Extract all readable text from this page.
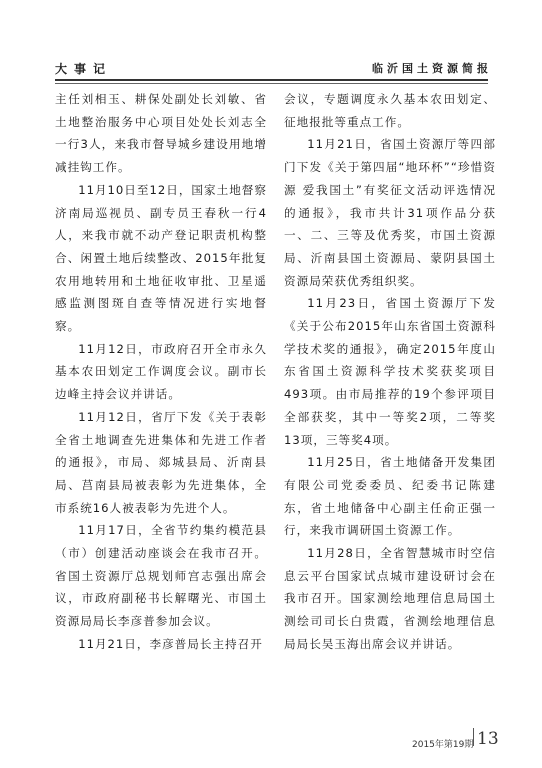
大事记	临沂国土资源简报

主任刘相玉、耕保处副处长刘敏、省土地整治服务中心项目处处长刘志全一行3人，来我市督导城乡建设用地增减挂钩工作。

11月10日至12日，国家土地督察济南局巡视员、副专员王春秋一行4人，来我市就不动产登记职责机构整合、闲置土地后续整改、2015年批复农用地转用和土地征收审批、卫星遥感监测图斑自查等情况进行实地督察。

11月12日，市政府召开全市永久基本农田划定工作调度会议。副市长边峰主持会议并讲话。

11月12日，省厅下发《关于表彰全省土地调查先进集体和先进工作者的通报》，市局、郯城县局、沂南县局、莒南县局被表彰为先进集体，全市系统16人被表彰为先进个人。

11月17日，全省节约集约模范县（市）创建活动座谈会在我市召开。省国土资源厅总规划师宫志强出席会议，市政府副秘书长解曙光、市国土资源局局长李彦普参加会议。

11月21日，李彦普局长主持召开

会议，专题调度永久基本农田划定、征地报批等重点工作。

11月21日，省国土资源厅等四部门下发《关于第四届“地环杯”“珍惜资源 爱我国土”有奖征文活动评选情况的通报》，我市共计31项作品分获一、二、三等及优秀奖，市国土资源局、沂南县国土资源局、蒙阴县国土资源局荣获优秀组织奖。

11月23日，省国土资源厅下发《关于公布2015年山东省国土资源科学技术奖的通报》，确定2015年度山东省国土资源科学技术奖获奖项目493项。由市局推荐的19个参评项目全部获奖，其中一等奖2项，二等奖13项，三等奖4项。

11月25日，省土地储备开发集团有限公司党委委员、纪委书记陈建东，省土地储备中心副主任俞正强一行，来我市调研国土资源工作。

11月28日，全省智慧城市时空信息云平台国家试点城市建设研讨会在我市召开。国家测绘地理信息局国土测绘司司长白贵霞，省测绘地理信息局局长吴玉海出席会议并讲话。

2015年第19期 13
